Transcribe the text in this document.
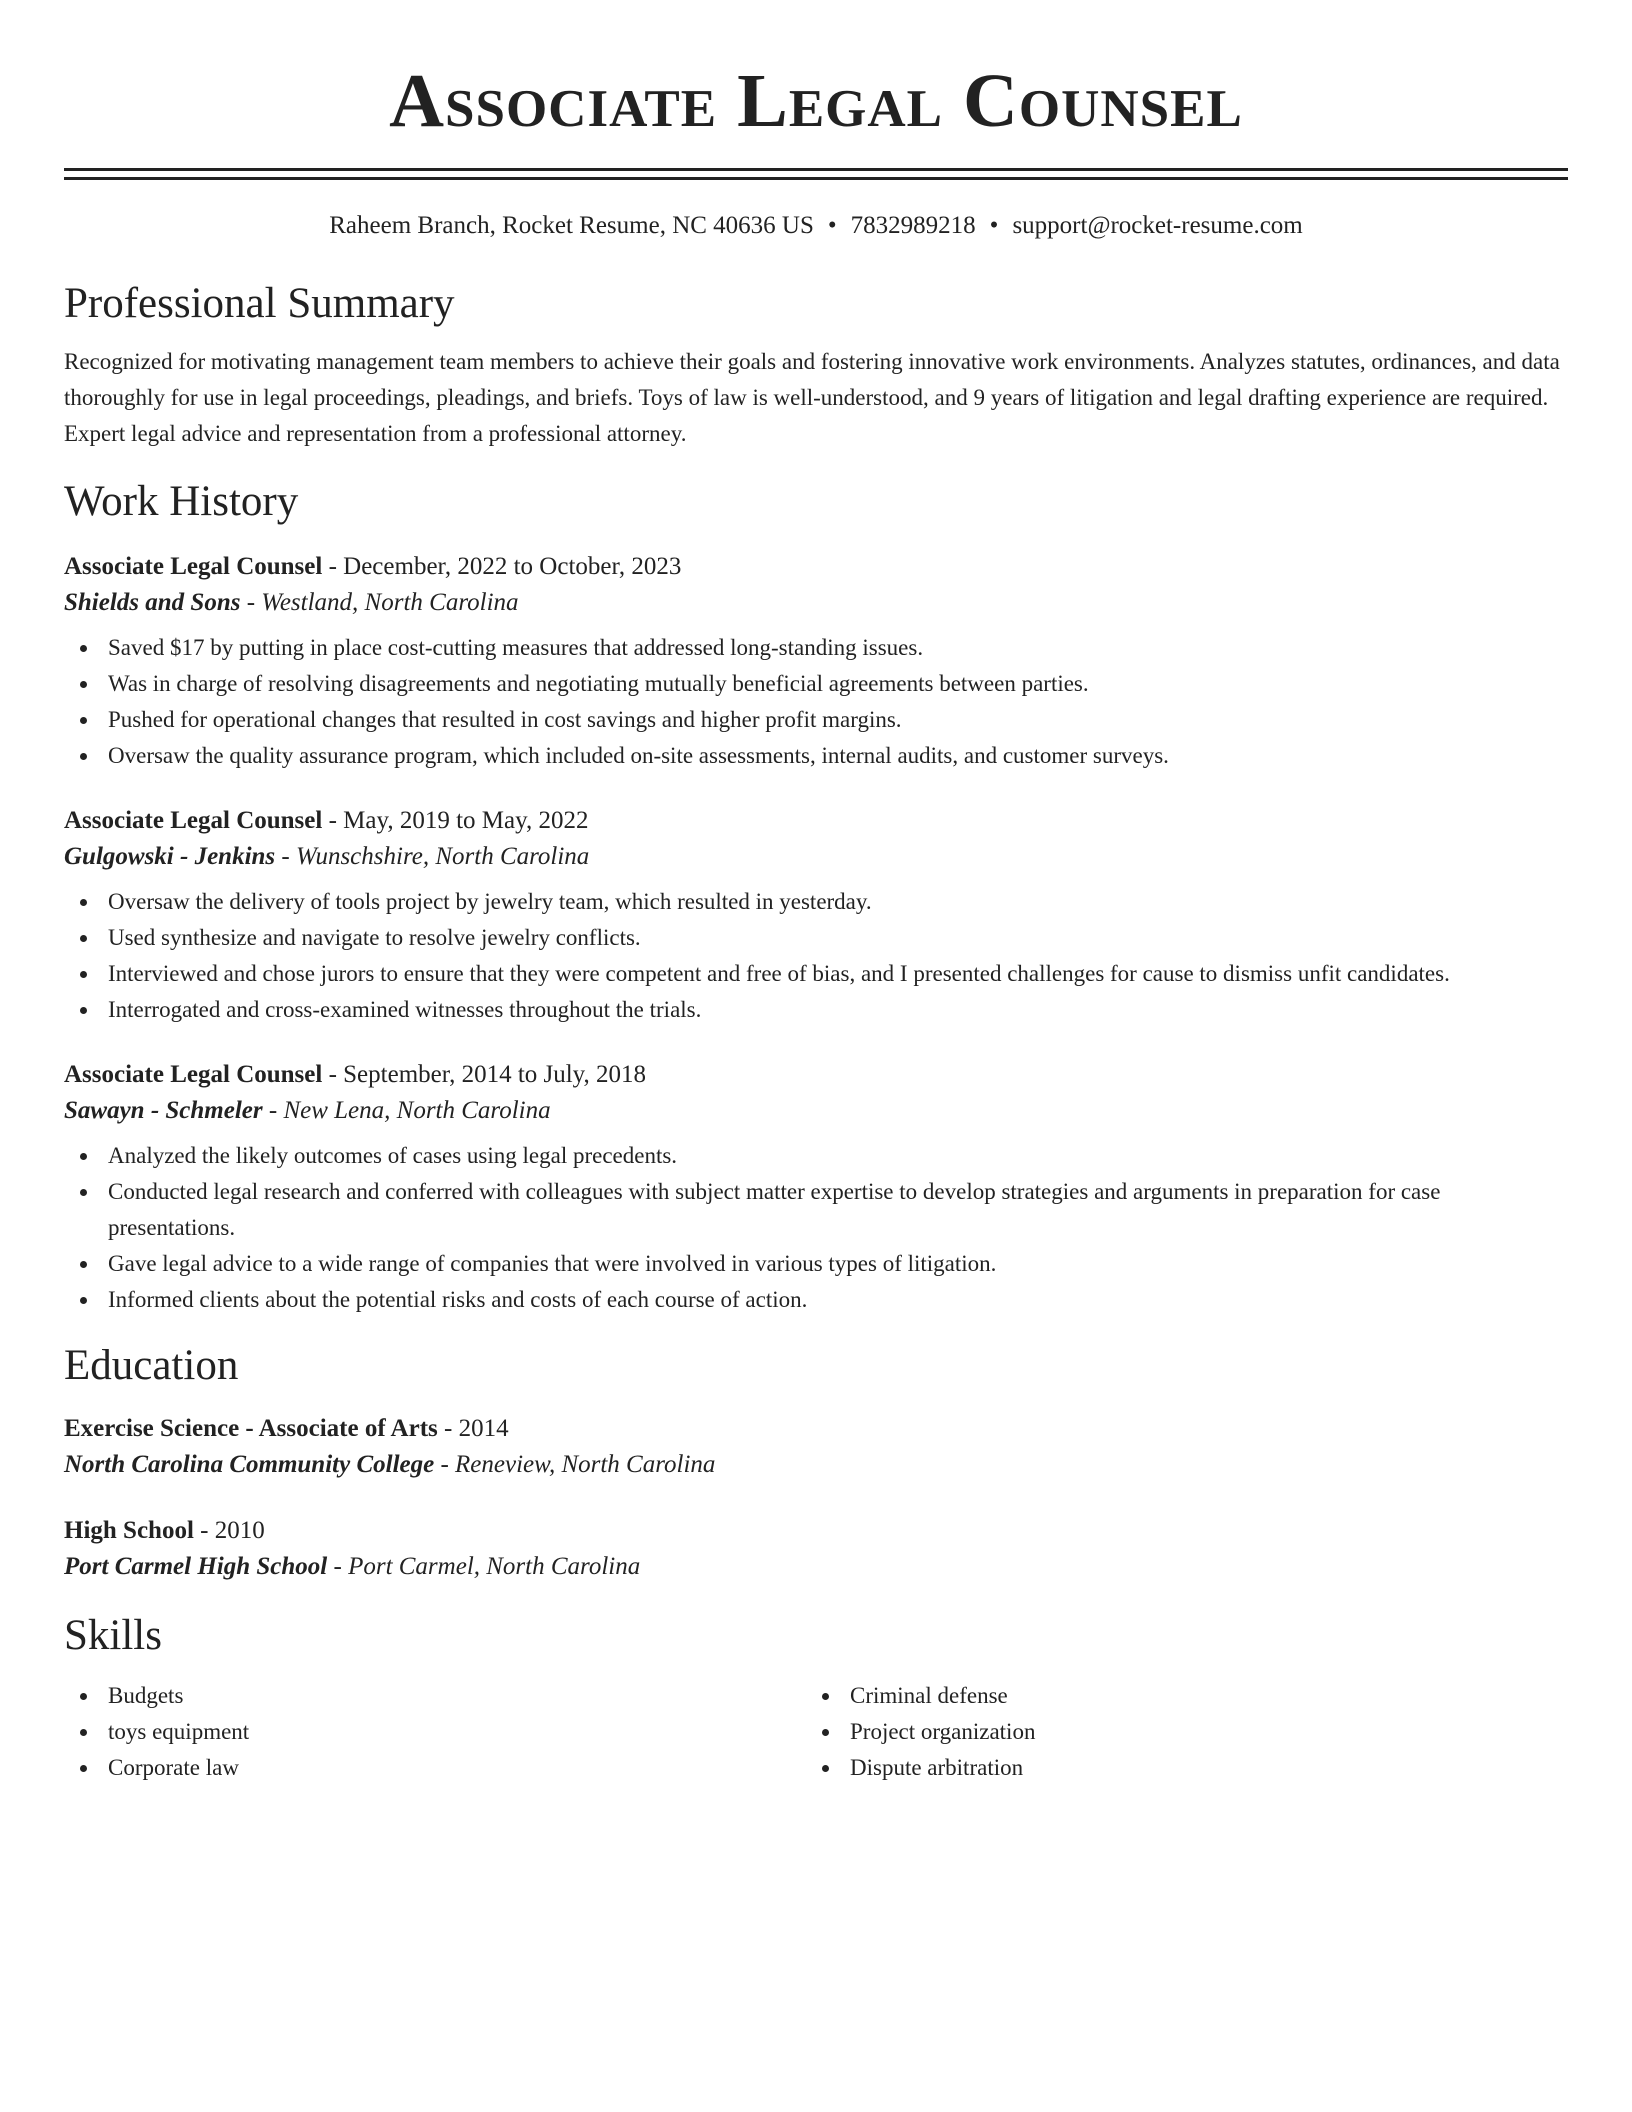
Associate Legal Counsel
Raheem Branch, Rocket Resume, NC 40636 US • 7832989218 • support@rocket-resume.com
Professional Summary

Recognized for motivating management team members to achieve their goals and fostering innovative work environments. Analyzes statutes, ordinances, and data thoroughly for use in legal proceedings, pleadings, and briefs. Toys of law is well-understood, and 9 years of litigation and legal drafting experience are required. Expert legal advice and representation from a professional attorney.

Work History
Associate Legal Counsel - December, 2022 to October, 2023
Shields and Sons - Westland, North Carolina
Saved $17 by putting in place cost-cutting measures that addressed long-standing issues.
Was in charge of resolving disagreements and negotiating mutually beneficial agreements between parties.
Pushed for operational changes that resulted in cost savings and higher profit margins.
Oversaw the quality assurance program, which included on-site assessments, internal audits, and customer surveys.
Associate Legal Counsel - May, 2019 to May, 2022
Gulgowski - Jenkins - Wunschshire, North Carolina
Oversaw the delivery of tools project by jewelry team, which resulted in yesterday.
Used synthesize and navigate to resolve jewelry conflicts.
Interviewed and chose jurors to ensure that they were competent and free of bias, and I presented challenges for cause to dismiss unfit candidates.
Interrogated and cross-examined witnesses throughout the trials.
Associate Legal Counsel - September, 2014 to July, 2018
Sawayn - Schmeler - New Lena, North Carolina
Analyzed the likely outcomes of cases using legal precedents.
Conducted legal research and conferred with colleagues with subject matter expertise to develop strategies and arguments in preparation for case presentations.
Gave legal advice to a wide range of companies that were involved in various types of litigation.
Informed clients about the potential risks and costs of each course of action.
Education
Exercise Science - Associate of Arts - 2014
North Carolina Community College - Reneview, North Carolina
High School - 2010
Port Carmel High School - Port Carmel, North Carolina
Skills
Budgets
toys equipment
Corporate law
Criminal defense
Project organization
Dispute arbitration
